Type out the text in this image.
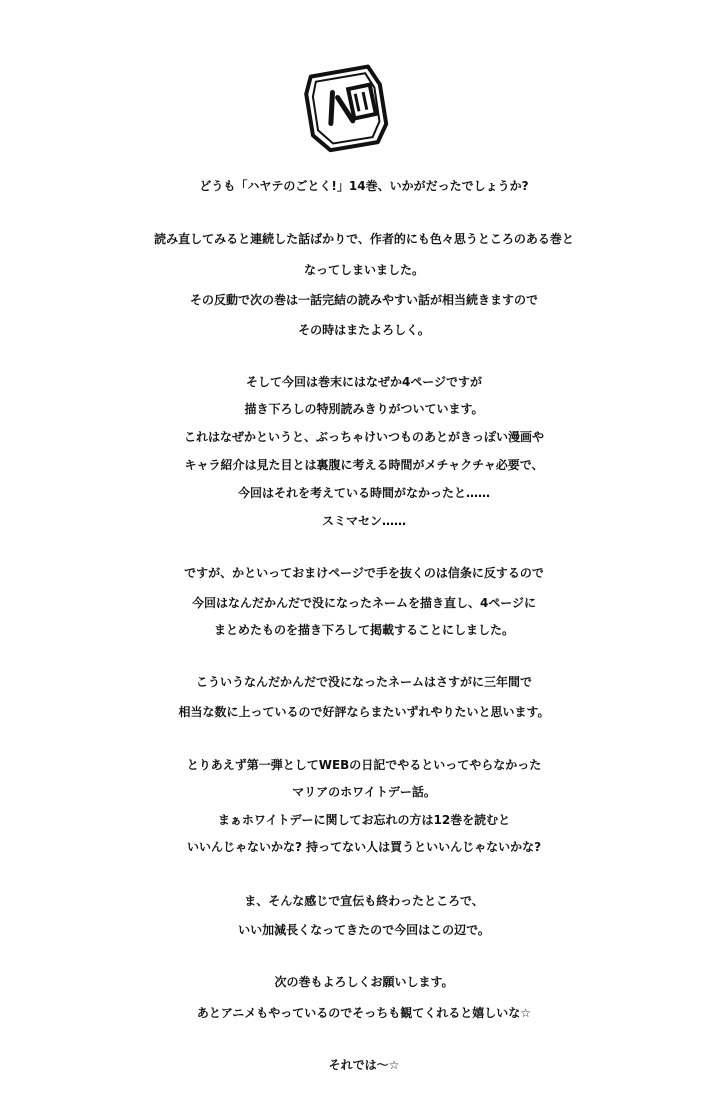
どうも「ハヤテのごとく!」14巻、いかがだったでしょうか?
読み直してみると連続した話ばかりで、作者的にも色々思うところのある巻と
なってしまいました。
その反動で次の巻は一話完結の読みやすい話が相当続きますので
その時はまたよろしく。
そして今回は巻末にはなぜか4ページですが
描き下ろしの特別読みきりがついています。
これはなぜかというと、ぶっちゃけいつものあとがきっぽい漫画や
キャラ紹介は見た目とは裏腹に考える時間がメチャクチャ必要で、
今回はそれを考えている時間がなかったと……
スミマセン……
ですが、かといっておまけページで手を抜くのは信条に反するので
今回はなんだかんだで没になったネームを描き直し、4ページに
まとめたものを描き下ろして掲載することにしました。
こういうなんだかんだで没になったネームはさすがに三年間で
相当な数に上っているので好評ならまたいずれやりたいと思います。
とりあえず第一弾としてWEBの日記でやるといってやらなかった
マリアのホワイトデー話。
まぁホワイトデーに関してお忘れの方は12巻を読むと
いいんじゃないかな? 持ってない人は買うといいんじゃないかな?
ま、そんな感じで宣伝も終わったところで、
いい加減長くなってきたので今回はこの辺で。
次の巻もよろしくお願いします。
あとアニメもやっているのでそっちも観てくれると嬉しいな☆
それでは〜☆
